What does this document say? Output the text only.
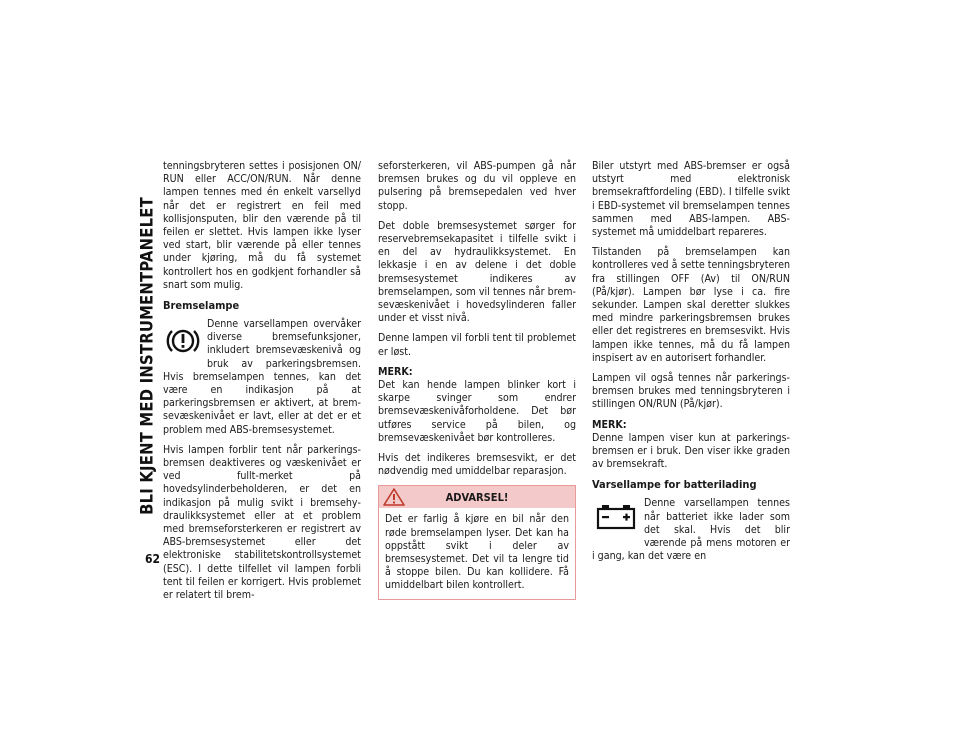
BLI KJENT MED INSTRUMENTPANELET
62

tenningsbryteren settes i posisjonen ON/ RUN eller ACC/ON/RUN. Når denne lampen tennes med én enkelt varsellyd når det er registrert en feil med kollisjonsputen, blir den værende på til feilen er slettet. Hvis lampen ikke lyser ved start, blir værende på eller tennes under kjøring, må du få systemet kontrollert hos en godkjent forhandler så snart som mulig.

Bremselampe

Denne varsellampen overvåker diverse bremsefunksjoner, inkludert bremsevæskenivå og bruk av parkeringsbremsen. Hvis bremselampen tennes, kan det være en indikasjon på at parkeringsbremsen er aktivert, at bremsevæskenivået er lavt, eller at det er et problem med ABS-bremsesystemet.

Hvis lampen forblir tent når parkeringsbremsen deaktiveres og væskenivået er ved fullt-merket på hovedsylinderbeholderen, er det en indikasjon på mulig svikt i bremsehydraulikksystemet eller at et problem med bremseforsterkeren er registrert av ABS-bremsesystemet eller det elektroniske stabilitetskontrollsystemet (ESC). I dette tilfellet vil lampen forbli tent til feilen er korrigert. Hvis problemet er relatert til brem-

seforsterkeren, vil ABS-pumpen gå når bremsen brukes og du vil oppleve en pulsering på bremsepedalen ved hver stopp.

Det doble bremsesystemet sørger for reservebremsekapasitet i tilfelle svikt i en del av hydraulikksystemet. En lekkasje i en av delene i det doble bremsesystemet indikeres av bremselampen, som vil tennes når bremsevæskenivået i hovedsylinderen faller under et visst nivå.

Denne lampen vil forbli tent til problemet er løst.

MERK:
Det kan hende lampen blinker kort i skarpe svinger som endrer bremsevæskenivåforholdene. Det bør utføres service på bilen, og bremsevæskenivået bør kontrolleres.

Hvis det indikeres bremsesvikt, er det nødvendig med umiddelbar reparasjon.

ADVARSEL!

Det er farlig å kjøre en bil når den røde bremselampen lyser. Det kan ha oppstått svikt i deler av bremsesystemet. Det vil ta lengre tid å stoppe bilen. Du kan kollidere. Få umiddelbart bilen kontrollert.

Biler utstyrt med ABS-bremser er også utstyrt med elektronisk bremsekraftfordeling (EBD). I tilfelle svikt i EBD-systemet vil bremselampen tennes sammen med ABS-lampen. ABS-systemet må umiddelbart repareres.

Tilstanden på bremselampen kan kontrolleres ved å sette tenningsbryteren fra stillingen OFF (Av) til ON/RUN (På/kjør). Lampen bør lyse i ca. fire sekunder. Lampen skal deretter slukkes med mindre parkeringsbremsen brukes eller det registreres en bremsesvikt. Hvis lampen ikke tennes, må du få lampen inspisert av en autorisert forhandler.

Lampen vil også tennes når parkeringsbremsen brukes med tenningsbryteren i stillingen ON/RUN (På/kjør).

MERK:
Denne lampen viser kun at parkeringsbremsen er i bruk. Den viser ikke graden av bremsekraft.

Varsellampe for batterilading

Denne varsellampen tennes når batteriet ikke lader som det skal. Hvis det blir værende på mens motoren er i gang, kan det være en
